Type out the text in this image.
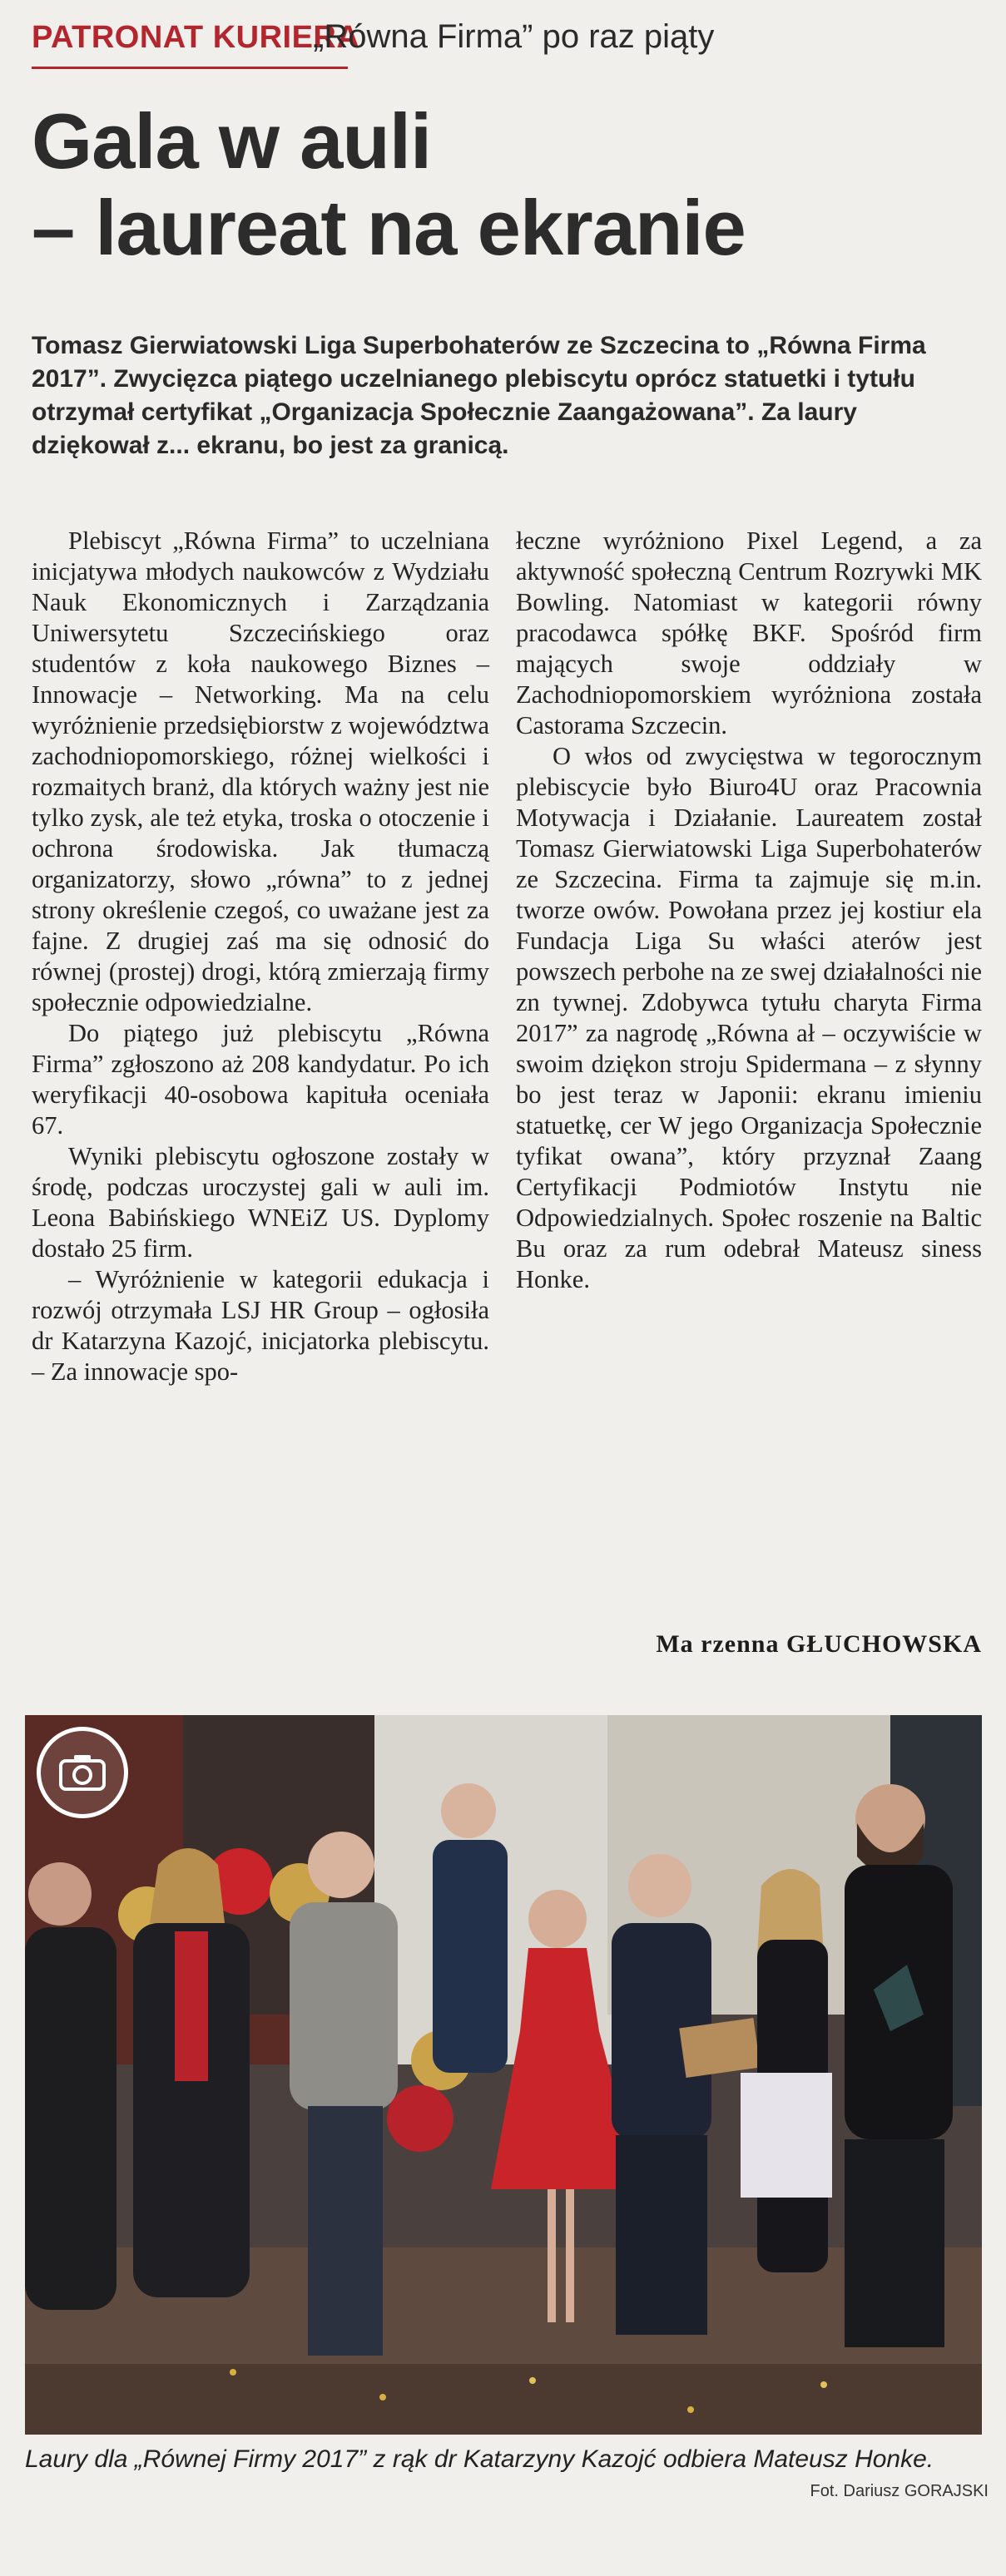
PATRONAT KURIERA
„Równa Firma” po raz piąty
Gala w auli
– laureat na ekranie
Tomasz Gierwiatowski Liga Superbohaterów ze Szczecina to „Równa Firma 2017”. Zwycięzca piątego uczelnianego plebiscytu oprócz statuetki i tytułu otrzymał certyfikat „Organizacja Społecznie Zaangażowana”. Za laury dziękował z... ekranu, bo jest za granicą.

Plebiscyt „Równa Firma” to uczelniana inicjatywa młodych naukowców z Wydziału Nauk Ekonomicznych i Zarządzania Uniwersytetu Szczecińskiego oraz studentów z koła naukowego Biznes – Innowacje – Networking. Ma na celu wyróżnienie przedsiębiorstw z województwa zachodniopomorskiego, różnej wielkości i rozmaitych branż, dla których ważny jest nie tylko zysk, ale też etyka, troska o otoczenie i ochrona środowiska. Jak tłumaczą organizatorzy, słowo „równa” to z jednej strony określenie czegoś, co uważane jest za fajne. Z drugiej zaś ma się odnosić do równej (prostej) drogi, którą zmierzają firmy społecznie odpowiedzialne.

Do piątego już plebiscytu „Równa Firma” zgłoszono aż 208 kandydatur. Po ich weryfikacji 40-osobowa kapituła oceniała 67.

Wyniki plebiscytu ogłoszone zostały w środę, podczas uroczystej gali w auli im. Leona Babińskiego WNEiZ US. Dyplomy dostało 25 firm.

– Wyróżnienie w kategorii edukacja i rozwój otrzymała LSJ HR Group – ogłosiła dr Katarzyna Kazojć, inicjatorka plebiscytu. – Za innowacje spo-

łeczne wyróżniono Pixel Legend, a za aktywność społeczną Centrum Rozrywki MK Bowling. Natomiast w kategorii równy pracodawca spółkę BKF. Spośród firm mających swoje oddziały w Zachodniopomorskiem wyróżniona została Castorama Szczecin.

O włos od zwycięstwa w tegorocznym plebiscycie było Biuro4U oraz Pracownia Motywacja i Działanie. Laureatem został Tomasz Gierwiatowski Liga Superbohaterów ze Szczecina. Firma ta zajmuje się m.in. tworze owów. Powołana przez jej kostiur ela Fundacja Liga Su właści aterów jest powszech perbohe na ze swej działalności nie zn tywnej. Zdobywca tytułu charyta Firma 2017” za nagrodę „Równa ał – oczywiście w swoim dziękon stroju Spidermana – z słynny bo jest teraz w Japonii: ekranu imieniu statuetkę, cer W jego Organizacja Społecznie tyfikat owana”, który przyznał Zaang Certyfikacji Podmiotów Instytu nie Odpowiedzialnych. Społec roszenie na Baltic Bu oraz za rum odebrał Mateusz siness Honke.

Ma rzenna GŁUCHOWSKA
Laury dla „Równej Firmy 2017” z rąk dr Katarzyny Kazojć odbiera Mateusz Honke.
Fot. Dariusz GORAJSKI
